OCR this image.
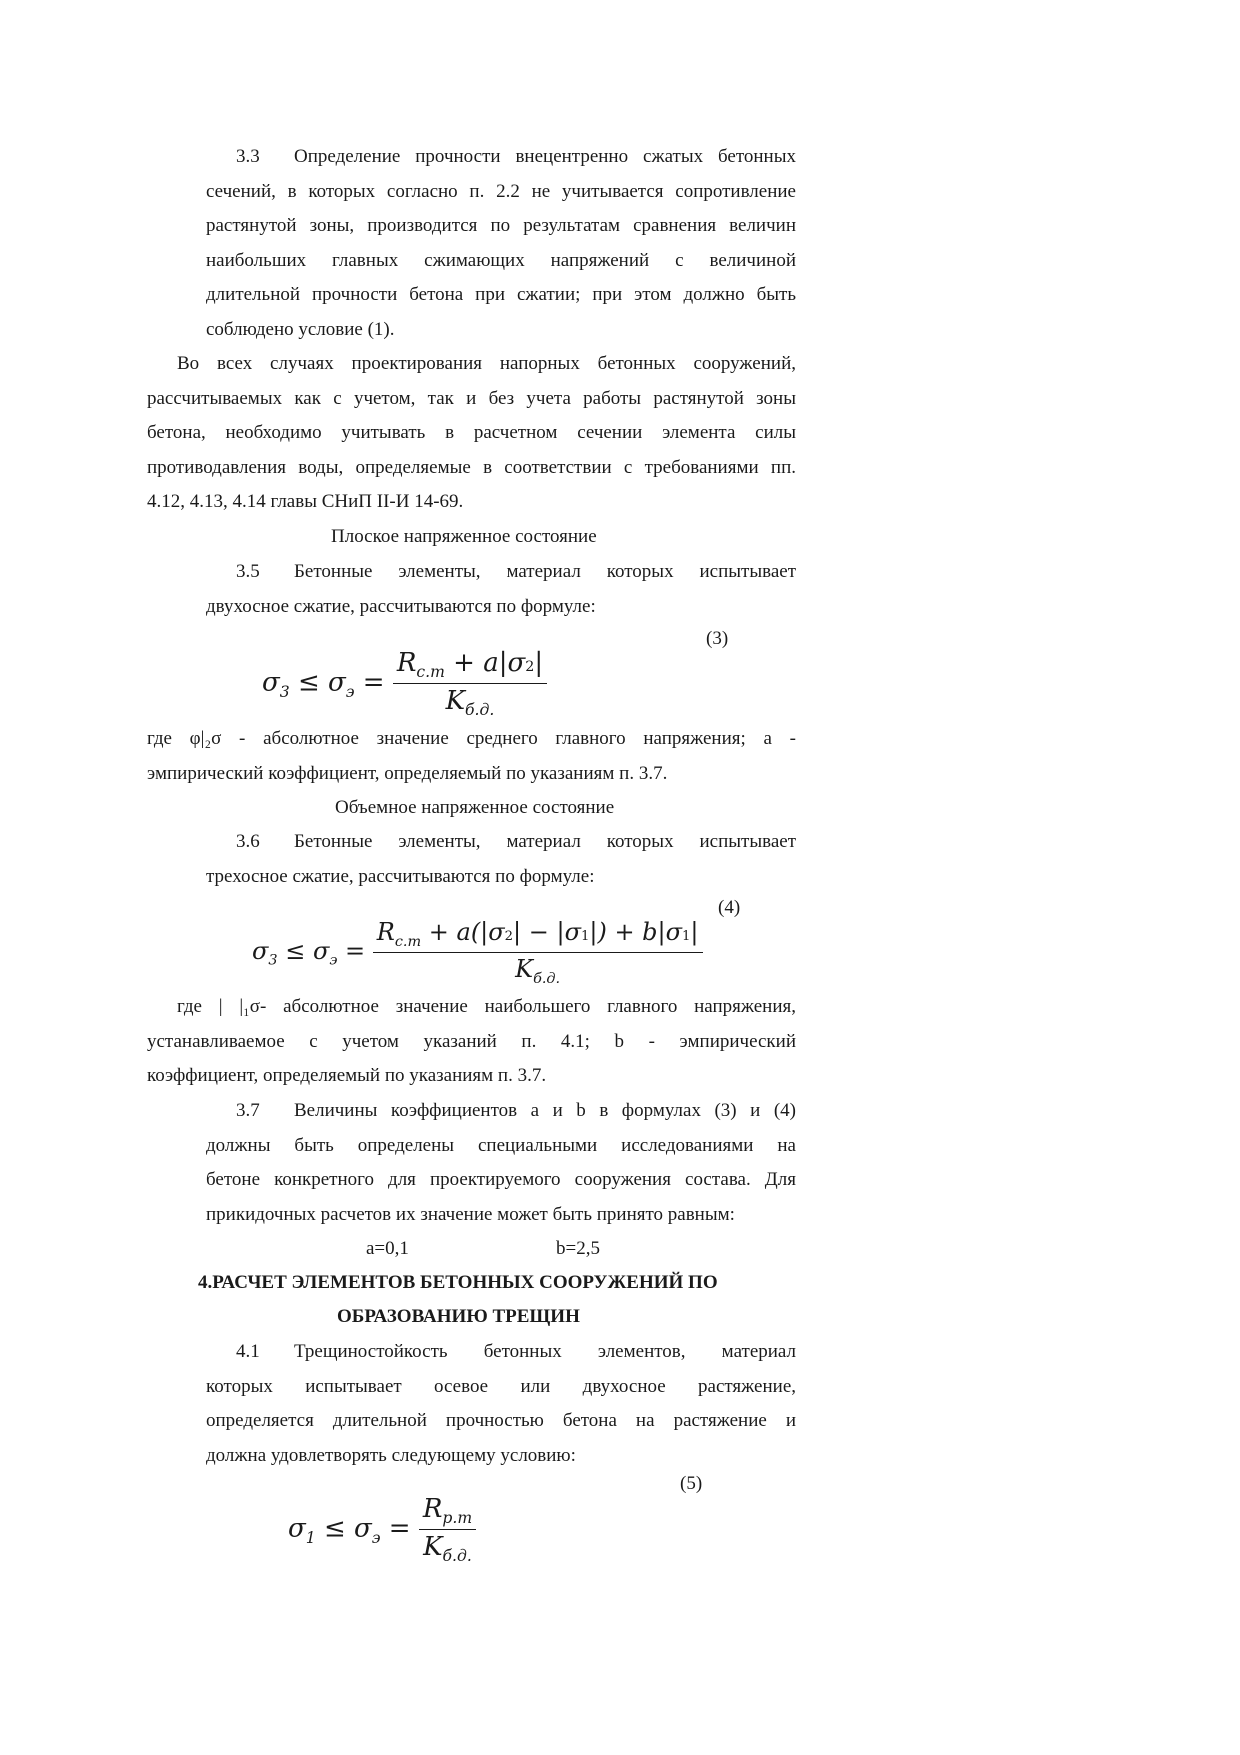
3.3 Определение прочности внецентренно сжатых бетонных
сечений, в которых согласно п. 2.2 не учитывается сопротивление
растянутой зоны, производится по результатам сравнения величин
наибольших главных сжимающих напряжений с величиной
длительной прочности бетона при сжатии; при этом должно быть
соблюдено условие (1).
Во всех случаях проектирования напорных бетонных сооружений,
рассчитываемых как с учетом, так и без учета работы растянутой зоны
бетона, необходимо учитывать в расчетном сечении элемента силы
противодавления воды, определяемые в соответствии с требованиями пп.
4.12, 4.13, 4.14 главы СНиП II-И 14-69.
Плоское напряженное состояние
3.5 Бетонные элементы, материал которых испытывает
двухосное сжатие, рассчитываются по формуле:
(3)
$\sigma_3 \le \sigma_э = \frac{R_{с.т} + a|\sigma 2|}{K_{б.д.}}$
где φ|₂σ - абсолютное значение среднего главного напряжения; а -
эмпирический коэффициент, определяемый по указаниям п. 3.7.
Объемное напряженное состояние
3.6 Бетонные элементы, материал которых испытывает
трехосное сжатие, рассчитываются по формуле:
(4)
$\sigma_3 \le \sigma_э = \frac{R_{с.т} + a(|\sigma 2| - |\sigma 1|) + b|\sigma 1|}{K_{б.д.}}$
где | |₁σ- абсолютное значение наибольшего главного напряжения,
устанавливаемое с учетом указаний п. 4.1; b - эмпирический
коэффициент, определяемый по указаниям п. 3.7.
3.7 Величины коэффициентов а и b в формулах (3) и (4)
должны быть определены специальными исследованиями на
бетоне конкретного для проектируемого сооружения состава. Для
прикидочных расчетов их значение может быть принято равным:
a=0,1	b=2,5
4.РАСЧЕТ ЭЛЕМЕНТОВ БЕТОННЫХ СООРУЖЕНИЙ ПО
ОБРАЗОВАНИЮ ТРЕЩИН
4.1 Трещиностойкость бетонных элементов, материал
которых испытывает осевое или двухосное растяжение,
определяется длительной прочностью бетона на растяжение и
должна удовлетворять следующему условию:
(5)
$\sigma_1 \le \sigma_э = \frac{R_{р.т}}{K_{б.д.}}$
